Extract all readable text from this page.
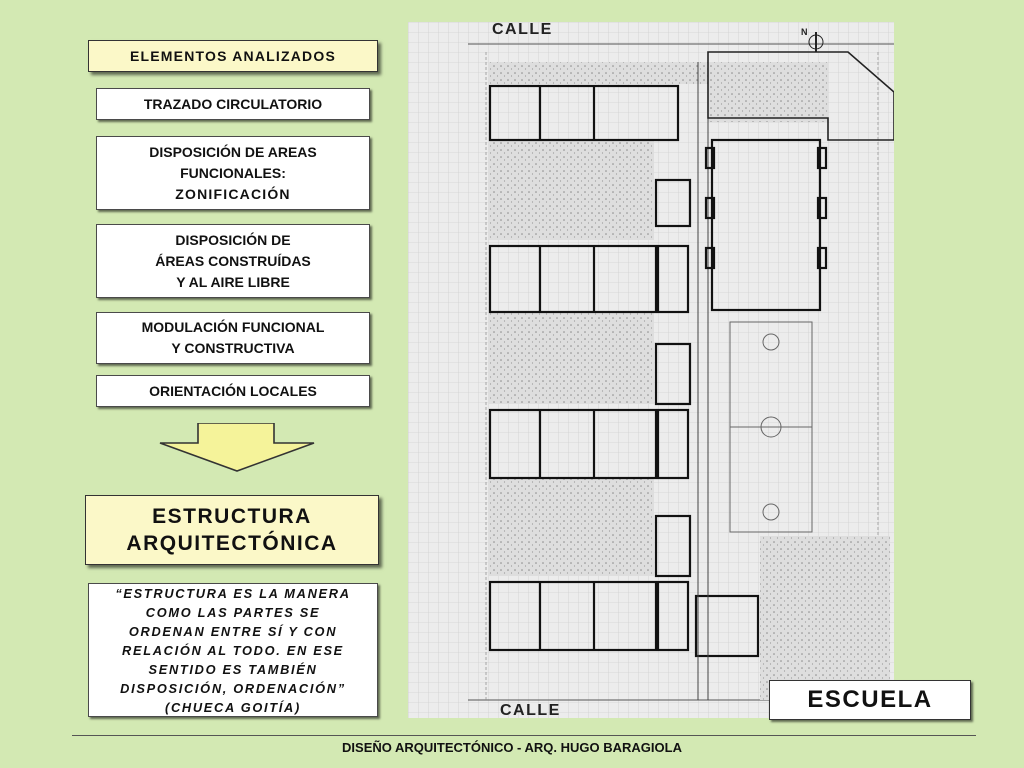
ELEMENTOS ANALIZADOS
TRAZADO CIRCULATORIO
DISPOSICIÓN DE AREAS
FUNCIONALES:
ZONIFICACIÓN
DISPOSICIÓN DE
ÁREAS CONSTRUÍDAS
Y AL AIRE LIBRE
MODULACIÓN FUNCIONAL
Y CONSTRUCTIVA
ORIENTACIÓN LOCALES
ESTRUCTURA
ARQUITECTÓNICA
“ESTRUCTURA ES LA MANERA
COMO LAS PARTES SE
ORDENAN ENTRE SÍ Y CON
RELACIÓN AL TODO. EN ESE
SENTIDO ES TAMBIÉN
DISPOSICIÓN, ORDENACIÓN”
(CHUECA GOITÍA)
N
CALLE
CALLE	ESCUELA
DISEÑO ARQUITECTÓNICO - ARQ. HUGO BARAGIOLA
